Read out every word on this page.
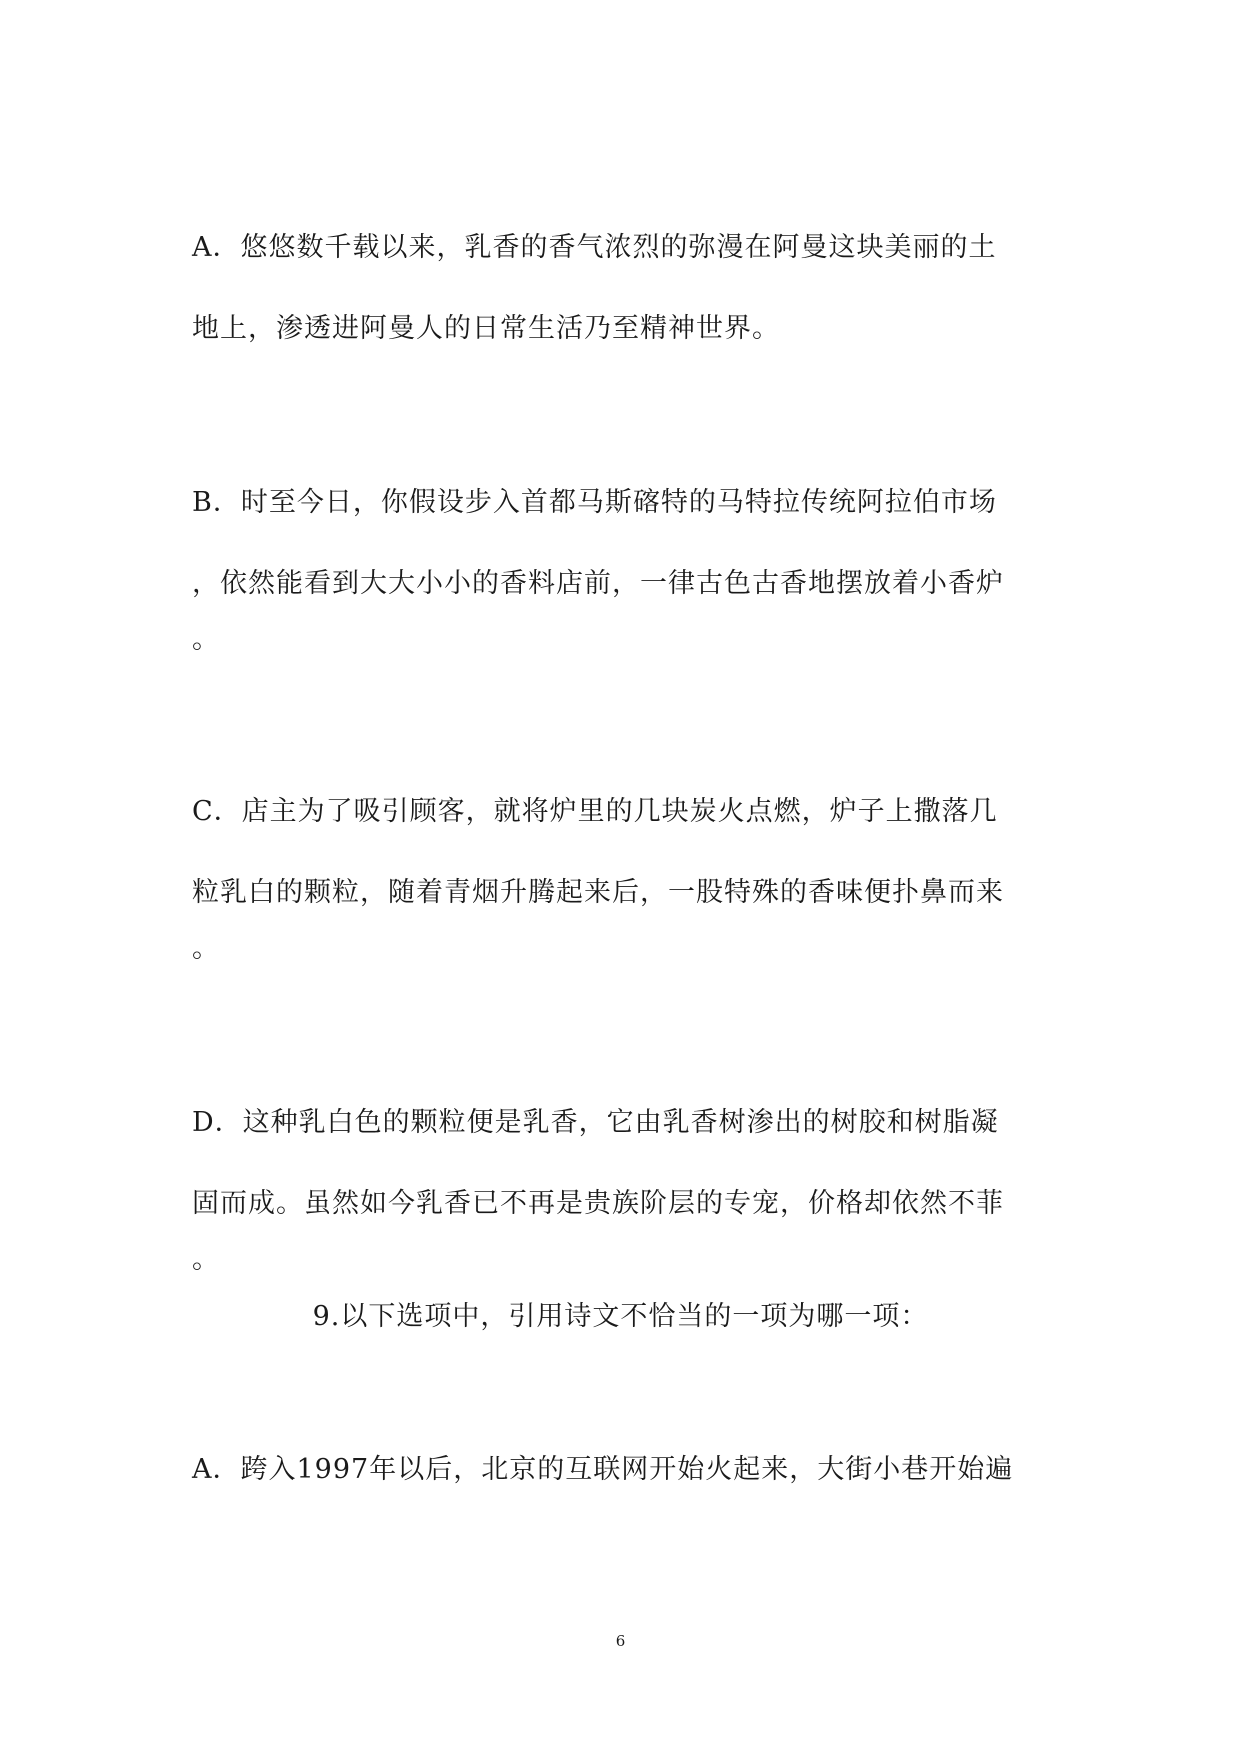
A．悠悠数千载以来，乳香的香气浓烈的弥漫在阿曼这块美丽的土
地上，渗透进阿曼人的日常生活乃至精神世界。
B．时至今日，你假设步入首都马斯碦特的马特拉传统阿拉伯市场
，依然能看到大大小小的香料店前，一律古色古香地摆放着小香炉
。
C．店主为了吸引顾客，就将炉里的几块炭火点燃，炉子上撒落几
粒乳白的颗粒，随着青烟升腾起来后，一股特殊的香味便扑鼻而来
。
D．这种乳白色的颗粒便是乳香，它由乳香树渗出的树胶和树脂凝
固而成。虽然如今乳香已不再是贵族阶层的专宠，价格却依然不菲
。
9.以下选项中，引用诗文不恰当的一项为哪一项：
A．跨入1997年以后，北京的互联网开始火起来，大街小巷开始遍
6
